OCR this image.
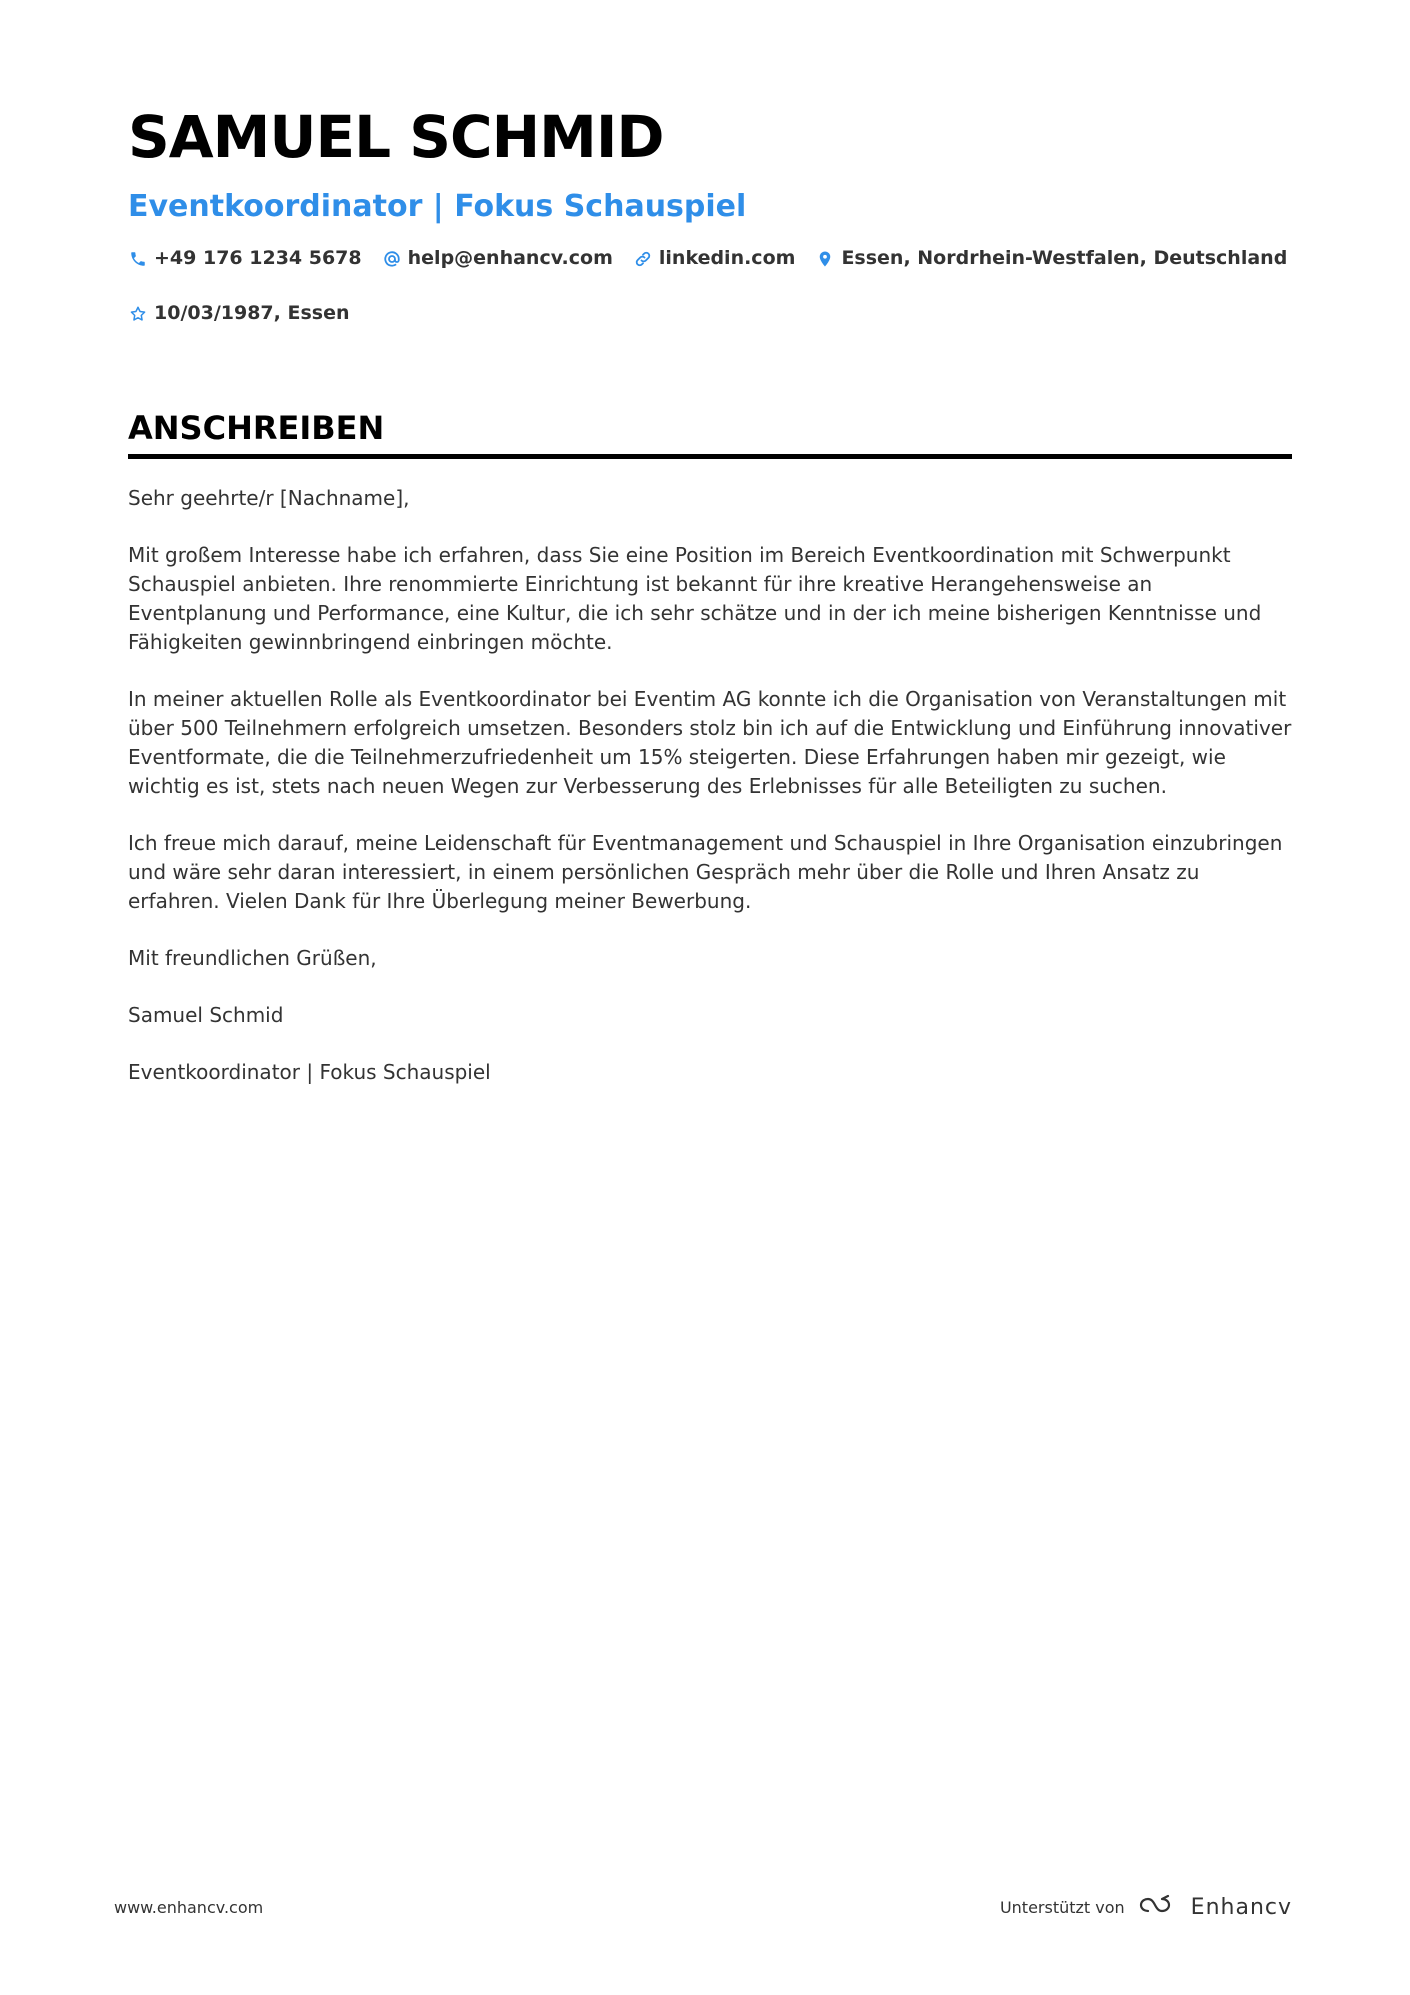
SAMUEL SCHMID
Eventkoordinator | Fokus Schauspiel
+49 176 1234 5678 help@enhancv.com linkedin.com Essen, Nordrhein-Westfalen, Deutschland
10/03/1987, Essen
ANSCHREIBEN

Sehr geehrte/r [Nachname],

Mit großem Interesse habe ich erfahren, dass Sie eine Position im Bereich Eventkoordination mit Schwerpunkt Schauspiel anbieten. Ihre renommierte Einrichtung ist bekannt für ihre kreative Herangehensweise an Eventplanung und Performance, eine Kultur, die ich sehr schätze und in der ich meine bisherigen Kenntnisse und Fähigkeiten gewinnbringend einbringen möchte.

In meiner aktuellen Rolle als Eventkoordinator bei Eventim AG konnte ich die Organisation von Veranstaltungen mit über 500 Teilnehmern erfolgreich umsetzen. Besonders stolz bin ich auf die Entwicklung und Einführung innovativer Eventformate, die die Teilnehmerzufriedenheit um 15% steigerten. Diese Erfahrungen haben mir gezeigt, wie wichtig es ist, stets nach neuen Wegen zur Verbesserung des Erlebnisses für alle Beteiligten zu suchen.

Ich freue mich darauf, meine Leidenschaft für Eventmanagement und Schauspiel in Ihre Organisation einzubringen und wäre sehr daran interessiert, in einem persönlichen Gespräch mehr über die Rolle und Ihren Ansatz zu erfahren. Vielen Dank für Ihre Überlegung meiner Bewerbung.

Mit freundlichen Grüßen,

Samuel Schmid

Eventkoordinator | Fokus Schauspiel

www.enhancv.com	Unterstützt von	Enhancv
